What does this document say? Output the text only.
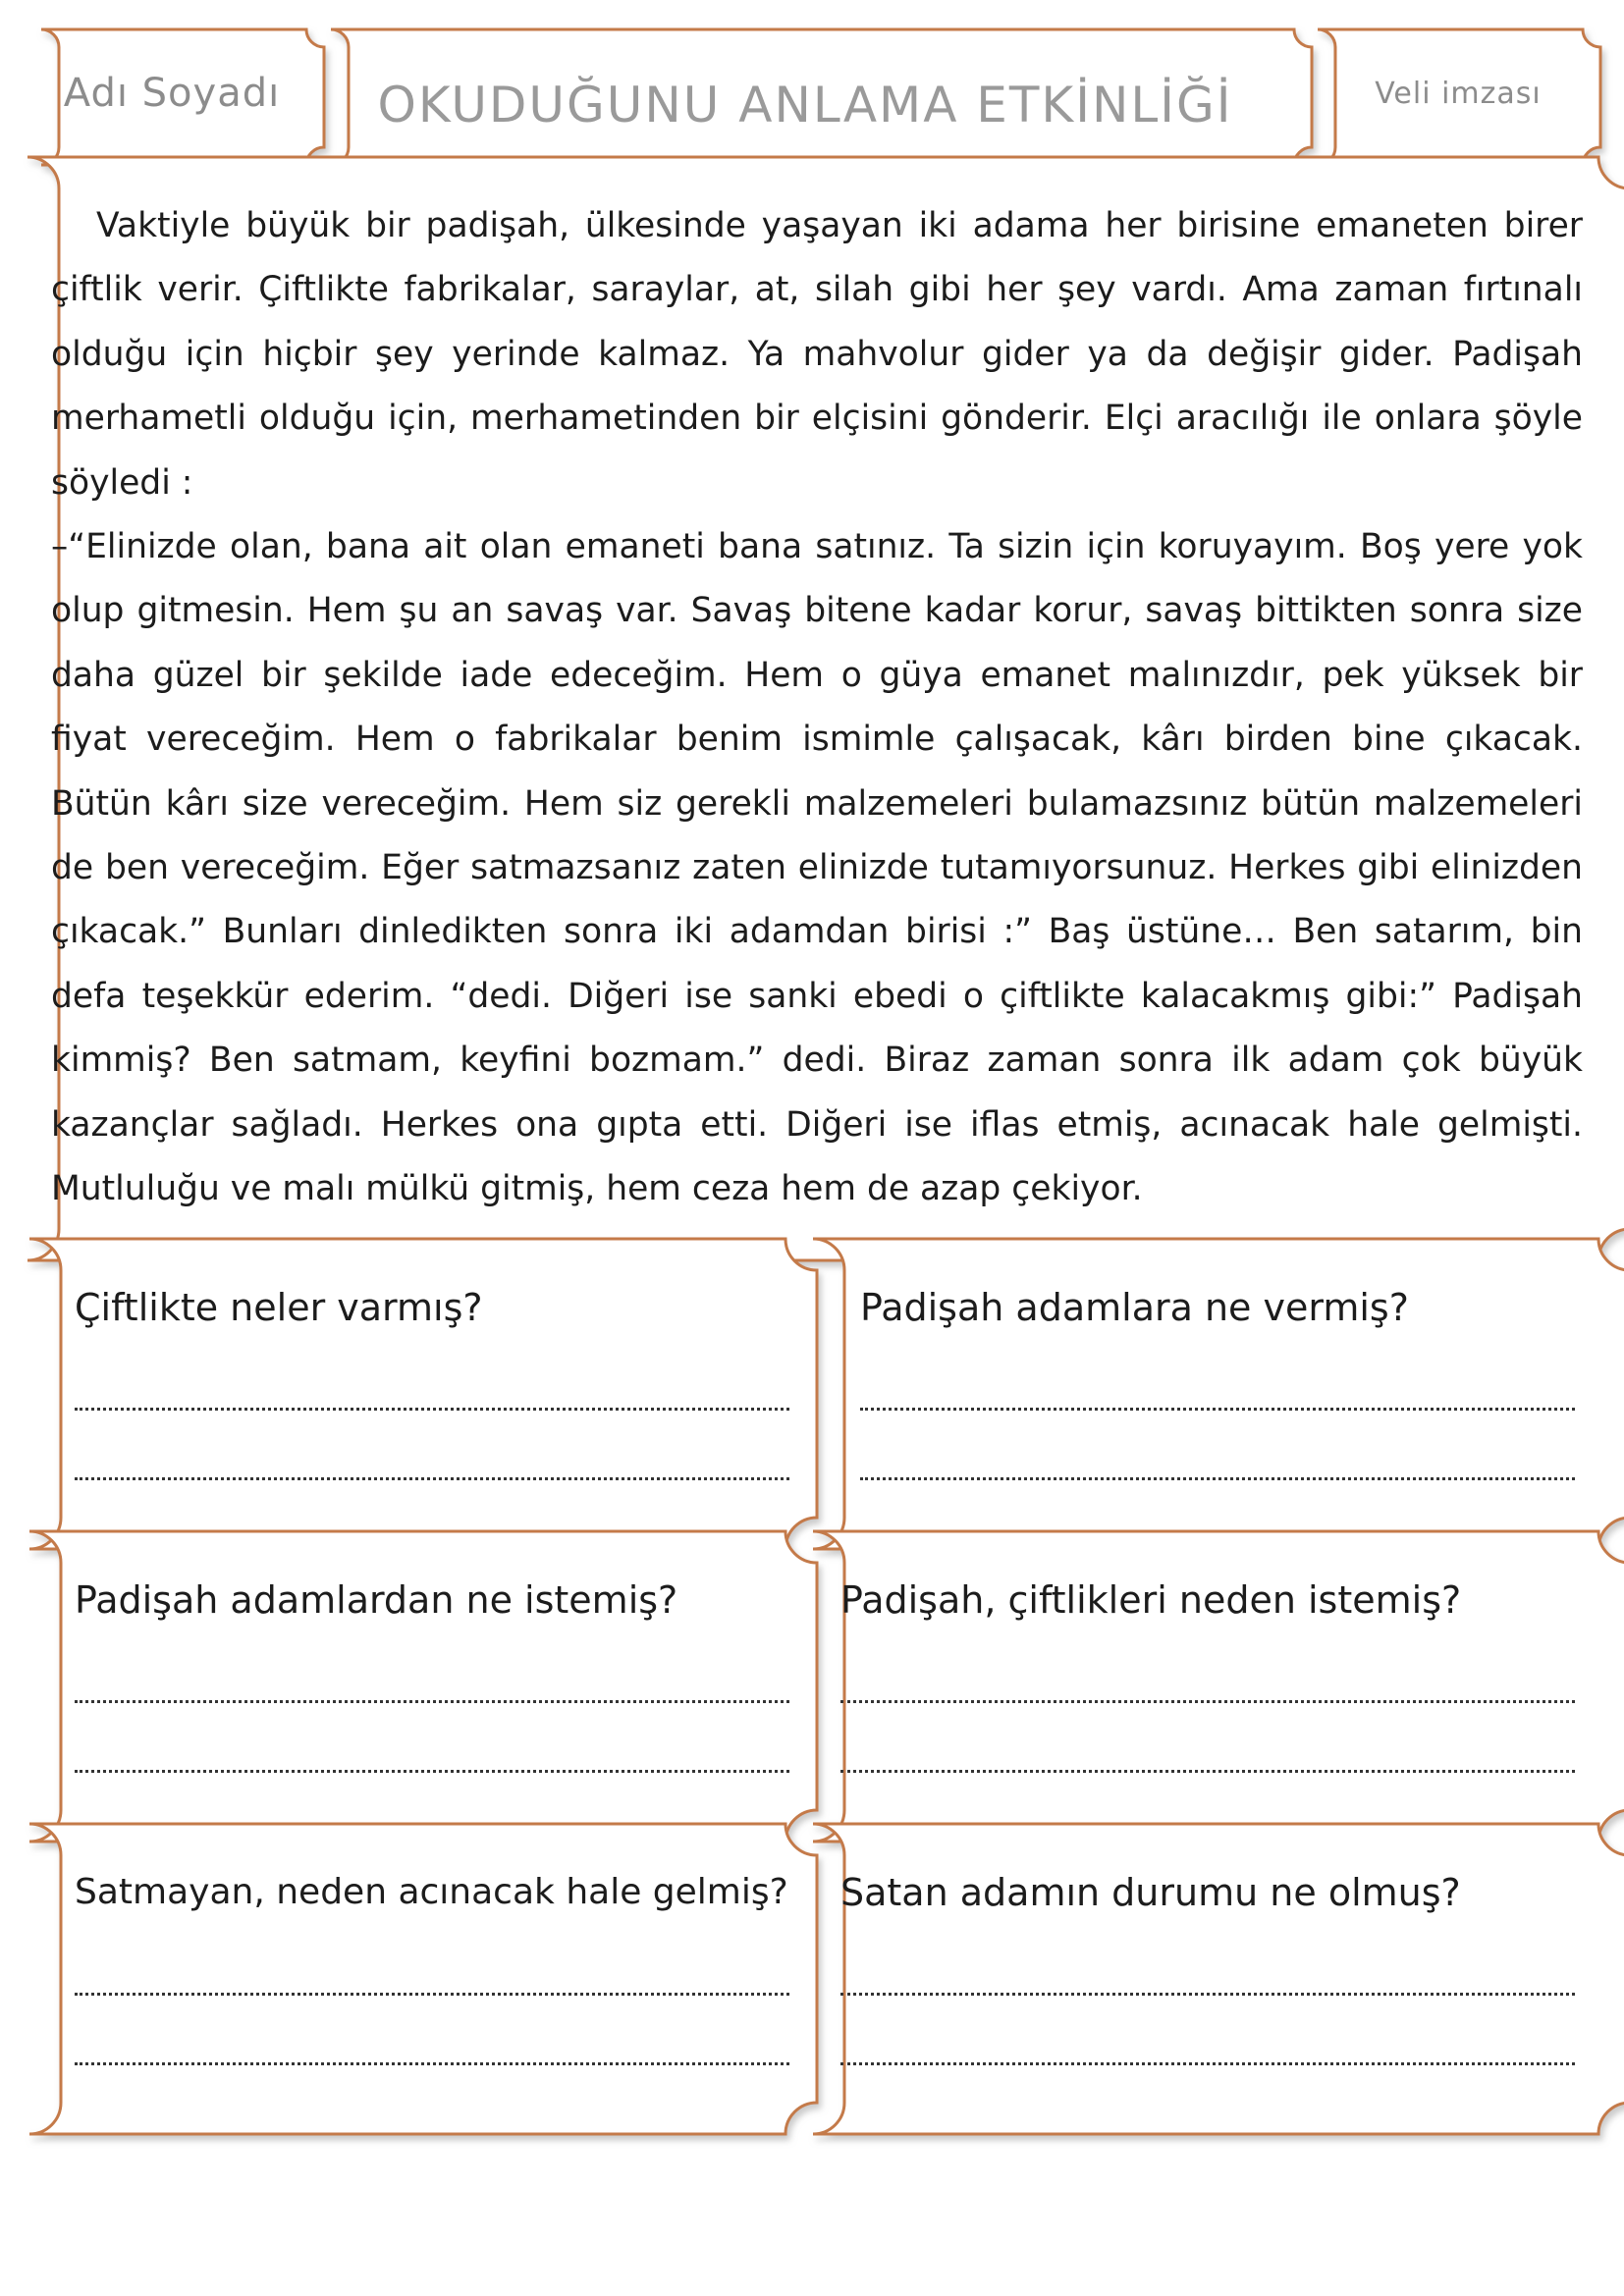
Adı Soyadı	OKUDUĞUNU ANLAMA ETKİNLİĞİ	Veli imzası

Vaktiyle büyük bir padişah, ülkesinde yaşayan iki adama her birisine emaneten birer çiftlik verir. Çiftlikte fabrikalar, saraylar, at, silah gibi her şey vardı. Ama zaman fırtınalı olduğu için hiçbir şey yerinde kalmaz. Ya mahvolur gider ya da değişir gider. Padişah merhametli olduğu için, merhametinden bir elçisini gönderir. Elçi aracılığı ile onlara şöyle söyledi :

–“Elinizde olan, bana ait olan emaneti bana satınız. Ta sizin için koruyayım. Boş yere yok olup gitmesin. Hem şu an savaş var. Savaş bitene kadar korur, savaş bittikten sonra size daha güzel bir şekilde iade edeceğim. Hem o güya emanet malınızdır, pek yüksek bir fiyat vereceğim. Hem o fabrikalar benim ismimle çalışacak, kârı birden bine çıkacak. Bütün kârı size vereceğim. Hem siz gerekli malzemeleri bulamazsınız bütün malzemeleri de ben vereceğim. Eğer satmazsanız zaten elinizde tutamıyorsunuz. Herkes gibi elinizden çıkacak.” Bunları dinledikten sonra iki adamdan birisi :” Baş üstüne… Ben satarım, bin defa teşekkür ederim. “dedi. Diğeri ise sanki ebedi o çiftlikte kalacakmış gibi:” Padişah kimmiş? Ben satmam, keyfini bozmam.” dedi. Biraz zaman sonra ilk adam çok büyük kazançlar sağladı. Herkes ona gıpta etti. Diğeri ise iflas etmiş, acınacak hale gelmişti. Mutluluğu ve malı mülkü gitmiş, hem ceza hem de azap çekiyor.

Çiftlikte neler varmış?	Padişah adamlara ne vermiş?
Padişah adamlardan ne istemiş?	Padişah, çiftlikleri neden istemiş?
Satmayan, neden acınacak hale gelmiş? Satan adamın durumu ne olmuş?
